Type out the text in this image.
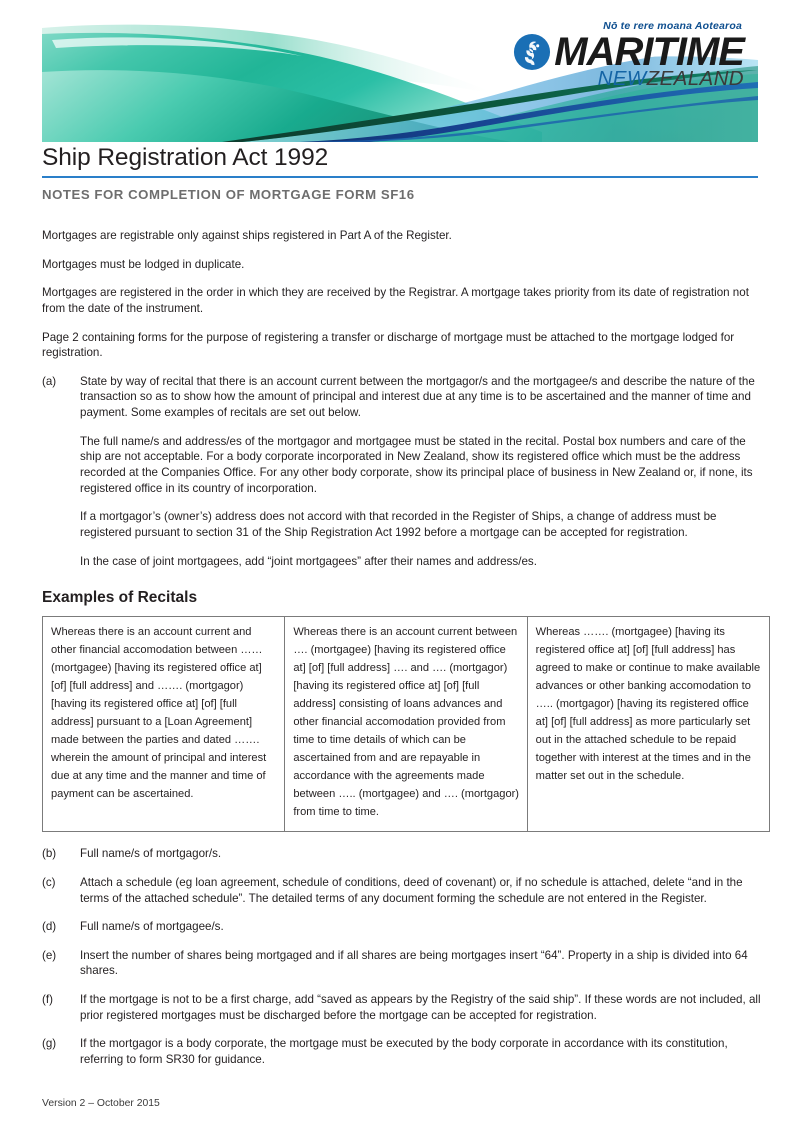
Nō te rere moana Aotearoa
MARITIME
NEWZEALAND
Ship Registration Act 1992
NOTES FOR COMPLETION OF MORTGAGE FORM SF16

Mortgages are registrable only against ships registered in Part A of the Register.

Mortgages must be lodged in duplicate.

Mortgages are registered in the order in which they are received by the Registrar. A mortgage takes priority from its date of registration not from the date of the instrument.

Page 2 containing forms for the purpose of registering a transfer or discharge of mortgage must be attached to the mortgage lodged for registration.

(a)	State by way of recital that there is an account current between the mortgagor/s and the mortgagee/s and describe the nature of the transaction so as to show how the amount of principal and interest due at any time is to be ascertained and the manner of time and payment. Some examples of recitals are set out below.

The full name/s and address/es of the mortgagor and mortgagee must be stated in the recital. Postal box numbers and care of the ship are not acceptable. For a body corporate incorporated in New Zealand, show its registered office which must be the address recorded at the Companies Office. For any other body corporate, show its principal place of business in New Zealand or, if none, its registered office in its country of incorporation.

If a mortgagor’s (owner’s) address does not accord with that recorded in the Register of Ships, a change of address must be registered pursuant to section 31 of the Ship Registration Act 1992 before a mortgage can be accepted for registration.

In the case of joint mortgagees, add “joint mortgagees” after their names and address/es.

Examples of Recitals
Whereas there is an account current and other financial accomodation between …… (mortgagee) [having its registered office at] [of] [full address] and ……. (mortgagor) [having its registered office at] [of] [full address] pursuant to a [Loan Agreement] made between the parties and dated ……. wherein the amount of principal and interest due at any time and the manner and time of payment can be ascertained.	Whereas there is an account current between …. (mortgagee) [having its registered office at] [of] [full address] …. and …. (mortgagor) [having its registered office at] [of] [full address] consisting of loans advances and other financial accomodation provided from time to time details of which can be ascertained from and are repayable in accordance with the agreements made between ….. (mortgagee) and …. (mortgagor) from time to time.	Whereas ……. (mortgagee) [having its registered office at] [of] [full address] has agreed to make or continue to make available advances or other banking accomodation to ….. (mortgagor) [having its registered office at] [of] [full address] as more particularly set out in the attached schedule to be repaid together with interest at the times and in the matter set out in the schedule.
(b)	Full name/s of mortgagor/s.

(c)	Attach a schedule (eg loan agreement, schedule of conditions, deed of covenant) or, if no schedule is attached, delete “and in the terms of the attached schedule”. The detailed terms of any document forming the schedule are not entered in the Register.

(d)	Full name/s of mortgagee/s.

(e)	Insert the number of shares being mortgaged and if all shares are being mortgages insert “64”. Property in a ship is divided into 64 shares.

(f)	If the mortgage is not to be a first charge, add “saved as appears by the Registry of the said ship”. If these words are not included, all prior registered mortgages must be discharged before the mortgage can be accepted for registration.

(g)	If the mortgagor is a body corporate, the mortgage must be executed by the body corporate in accordance with its constitution, referring to form SR30 for guidance.

Version 2 – October 2015
